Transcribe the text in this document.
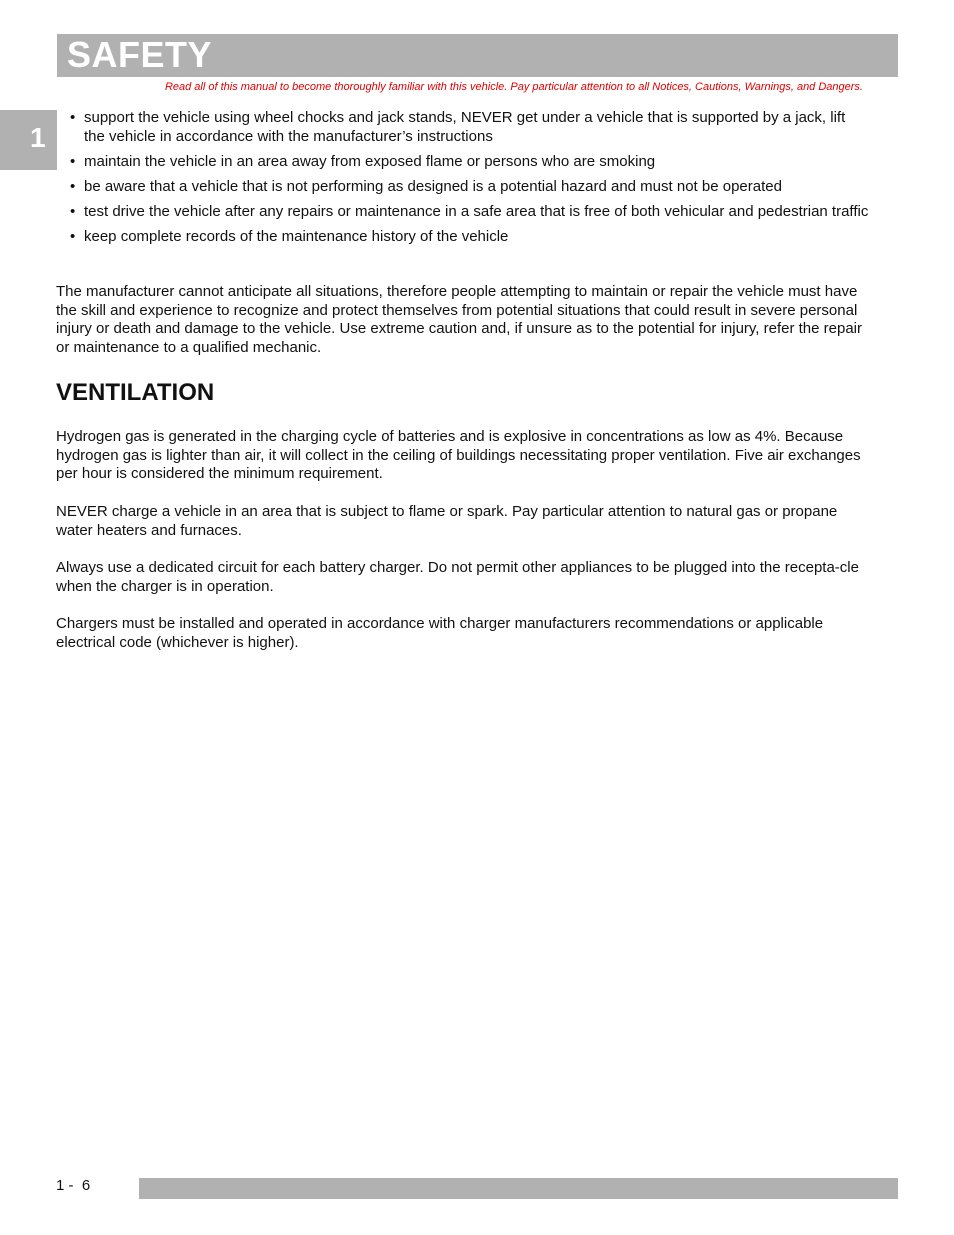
SAFETY
Read all of this manual to become thoroughly familiar with this vehicle. Pay particular attention to all Notices, Cautions, Warnings, and Dangers.
1
• support the vehicle using wheel chocks and jack stands, NEVER get under a vehicle that is supported by a jack, lift the vehicle in accordance with the manufacturer’s instructions
• maintain the vehicle in an area away from exposed flame or persons who are smoking
• be aware that a vehicle that is not performing as designed is a potential hazard and must not be operated
• test drive the vehicle after any repairs or maintenance in a safe area that is free of both vehicular and pedestrian traffic
• keep complete records of the maintenance history of the vehicle

The manufacturer cannot anticipate all situations, therefore people attempting to maintain or repair the vehicle must have the skill and experience to recognize and protect themselves from potential situations that could result in severe personal injury or death and damage to the vehicle. Use extreme caution and, if unsure as to the potential for injury, refer the repair or maintenance to a qualified mechanic.

VENTILATION

Hydrogen gas is generated in the charging cycle of batteries and is explosive in concentrations as low as 4%. Because hydrogen gas is lighter than air, it will collect in the ceiling of buildings necessitating proper ventilation. Five air exchanges per hour is considered the minimum requirement.

NEVER charge a vehicle in an area that is subject to flame or spark. Pay particular attention to natural gas or propane water heaters and furnaces.

Always use a dedicated circuit for each battery charger. Do not permit other appliances to be plugged into the recepta-cle when the charger is in operation.

Chargers must be installed and operated in accordance with charger manufacturers recommendations or applicable electrical code (whichever is higher).

1 -  6
